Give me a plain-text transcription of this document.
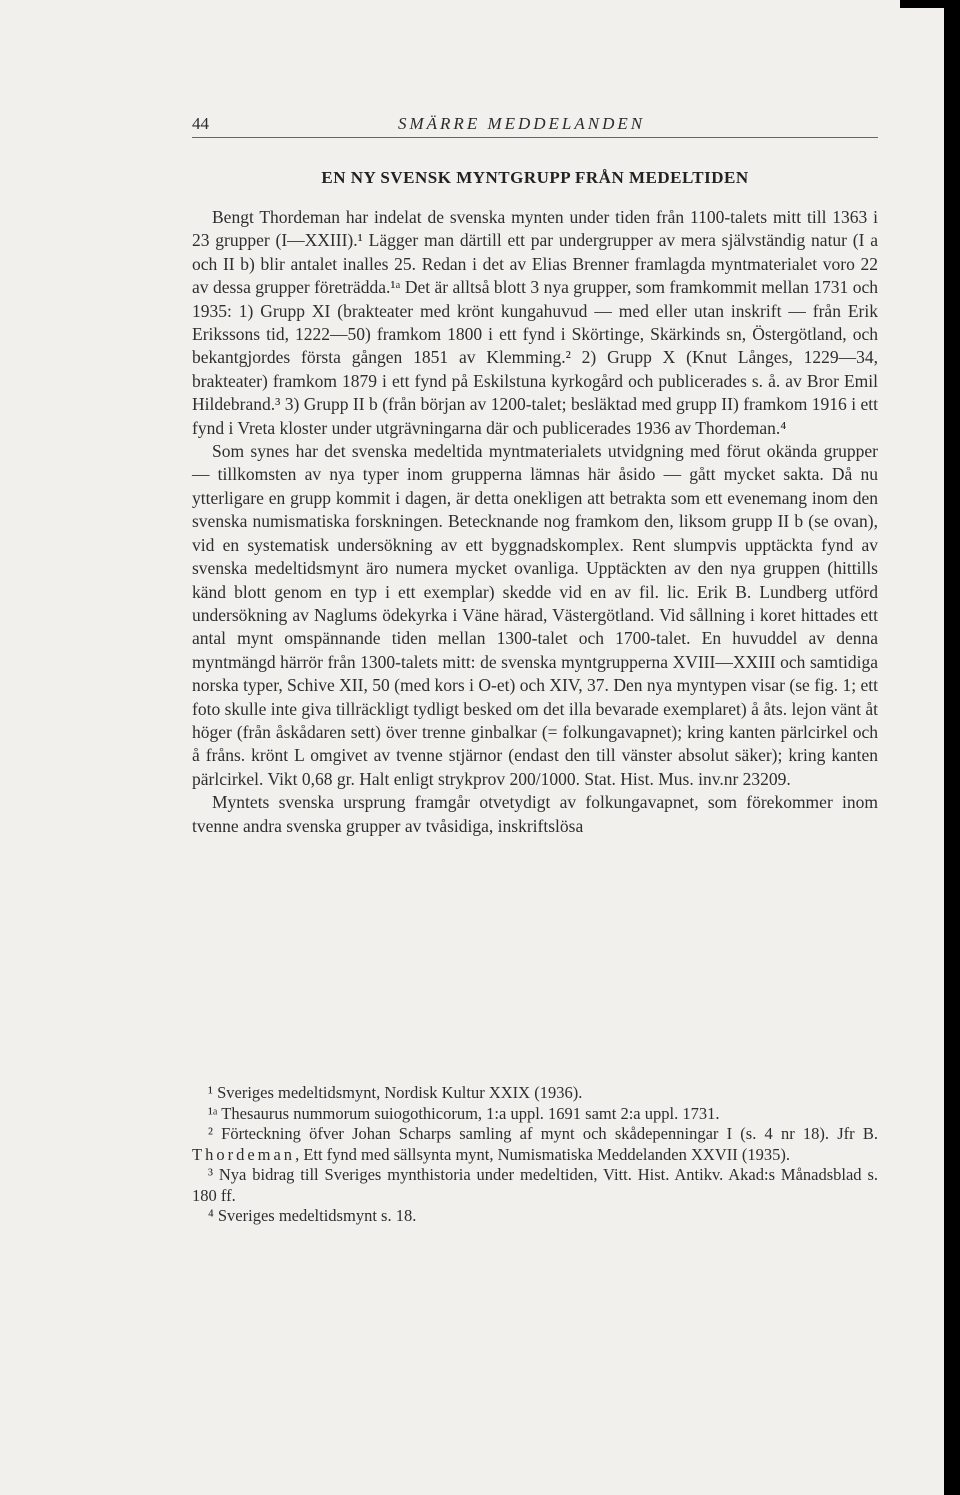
44	SMÄRRE MEDDELANDEN
EN NY SVENSK MYNTGRUPP FRÅN MEDELTIDEN

Bengt Thordeman har indelat de svenska mynten under tiden från 1100-talets mitt till 1363 i 23 grupper (I—XXIII).¹ Lägger man därtill ett par undergrupper av mera självständig natur (I a och II b) blir antalet inalles 25. Redan i det av Elias Brenner framlagda myntmaterialet voro 22 av dessa grupper företrädda.¹ᵃ Det är alltså blott 3 nya grupper, som framkommit mellan 1731 och 1935: 1) Grupp XI (brakteater med krönt kungahuvud — med eller utan inskrift — från Erik Erikssons tid, 1222—50) framkom 1800 i ett fynd i Skörtinge, Skärkinds sn, Östergötland, och bekantgjordes första gången 1851 av Klemming.² 2) Grupp X (Knut Långes, 1229—34, brakteater) framkom 1879 i ett fynd på Eskilstuna kyrkogård och publicerades s. å. av Bror Emil Hildebrand.³ 3) Grupp II b (från början av 1200-talet; besläktad med grupp II) framkom 1916 i ett fynd i Vreta kloster under utgrävningarna där och publicerades 1936 av Thordeman.⁴

Som synes har det svenska medeltida myntmaterialets utvidgning med förut okända grupper — tillkomsten av nya typer inom grupperna lämnas här åsido — gått mycket sakta. Då nu ytterligare en grupp kommit i dagen, är detta onekligen att betrakta som ett evenemang inom den svenska numismatiska forskningen. Betecknande nog framkom den, liksom grupp II b (se ovan), vid en systematisk undersökning av ett byggnadskomplex. Rent slumpvis upptäckta fynd av svenska medeltidsmynt äro numera mycket ovanliga. Upptäckten av den nya gruppen (hittills känd blott genom en typ i ett exemplar) skedde vid en av fil. lic. Erik B. Lundberg utförd undersökning av Naglums ödekyrka i Väne härad, Västergötland. Vid sållning i koret hittades ett antal mynt omspännande tiden mellan 1300-talet och 1700-talet. En huvuddel av denna myntmängd härrör från 1300-talets mitt: de svenska myntgrupperna XVIII—XXIII och samtidiga norska typer, Schive XII, 50 (med kors i O-et) och XIV, 37. Den nya myntypen visar (se fig. 1; ett foto skulle inte giva tillräckligt tydligt besked om det illa bevarade exemplaret) å åts. lejon vänt åt höger (från åskådaren sett) över trenne ginbalkar (= folkungavapnet); kring kanten pärlcirkel och å fråns. krönt L omgivet av tvenne stjärnor (endast den till vänster absolut säker); kring kanten pärlcirkel. Vikt 0,68 gr. Halt enligt strykprov 200/1000. Stat. Hist. Mus. inv.nr 23209.

Myntets svenska ursprung framgår otvetydigt av folkungavapnet, som förekommer inom tvenne andra svenska grupper av tvåsidiga, inskriftslösa

¹ Sveriges medeltidsmynt, Nordisk Kultur XXIX (1936).

¹ᵃ Thesaurus nummorum suiogothicorum, 1:a uppl. 1691 samt 2:a uppl. 1731.

² Förteckning öfver Johan Scharps samling af mynt och skådepenningar I (s. 4 nr 18). Jfr B. Thordeman, Ett fynd med sällsynta mynt, Numismatiska Meddelanden XXVII (1935).

³ Nya bidrag till Sveriges mynthistoria under medeltiden, Vitt. Hist. Antikv. Akad:s Månadsblad s. 180 ff.

⁴ Sveriges medeltidsmynt s. 18.
